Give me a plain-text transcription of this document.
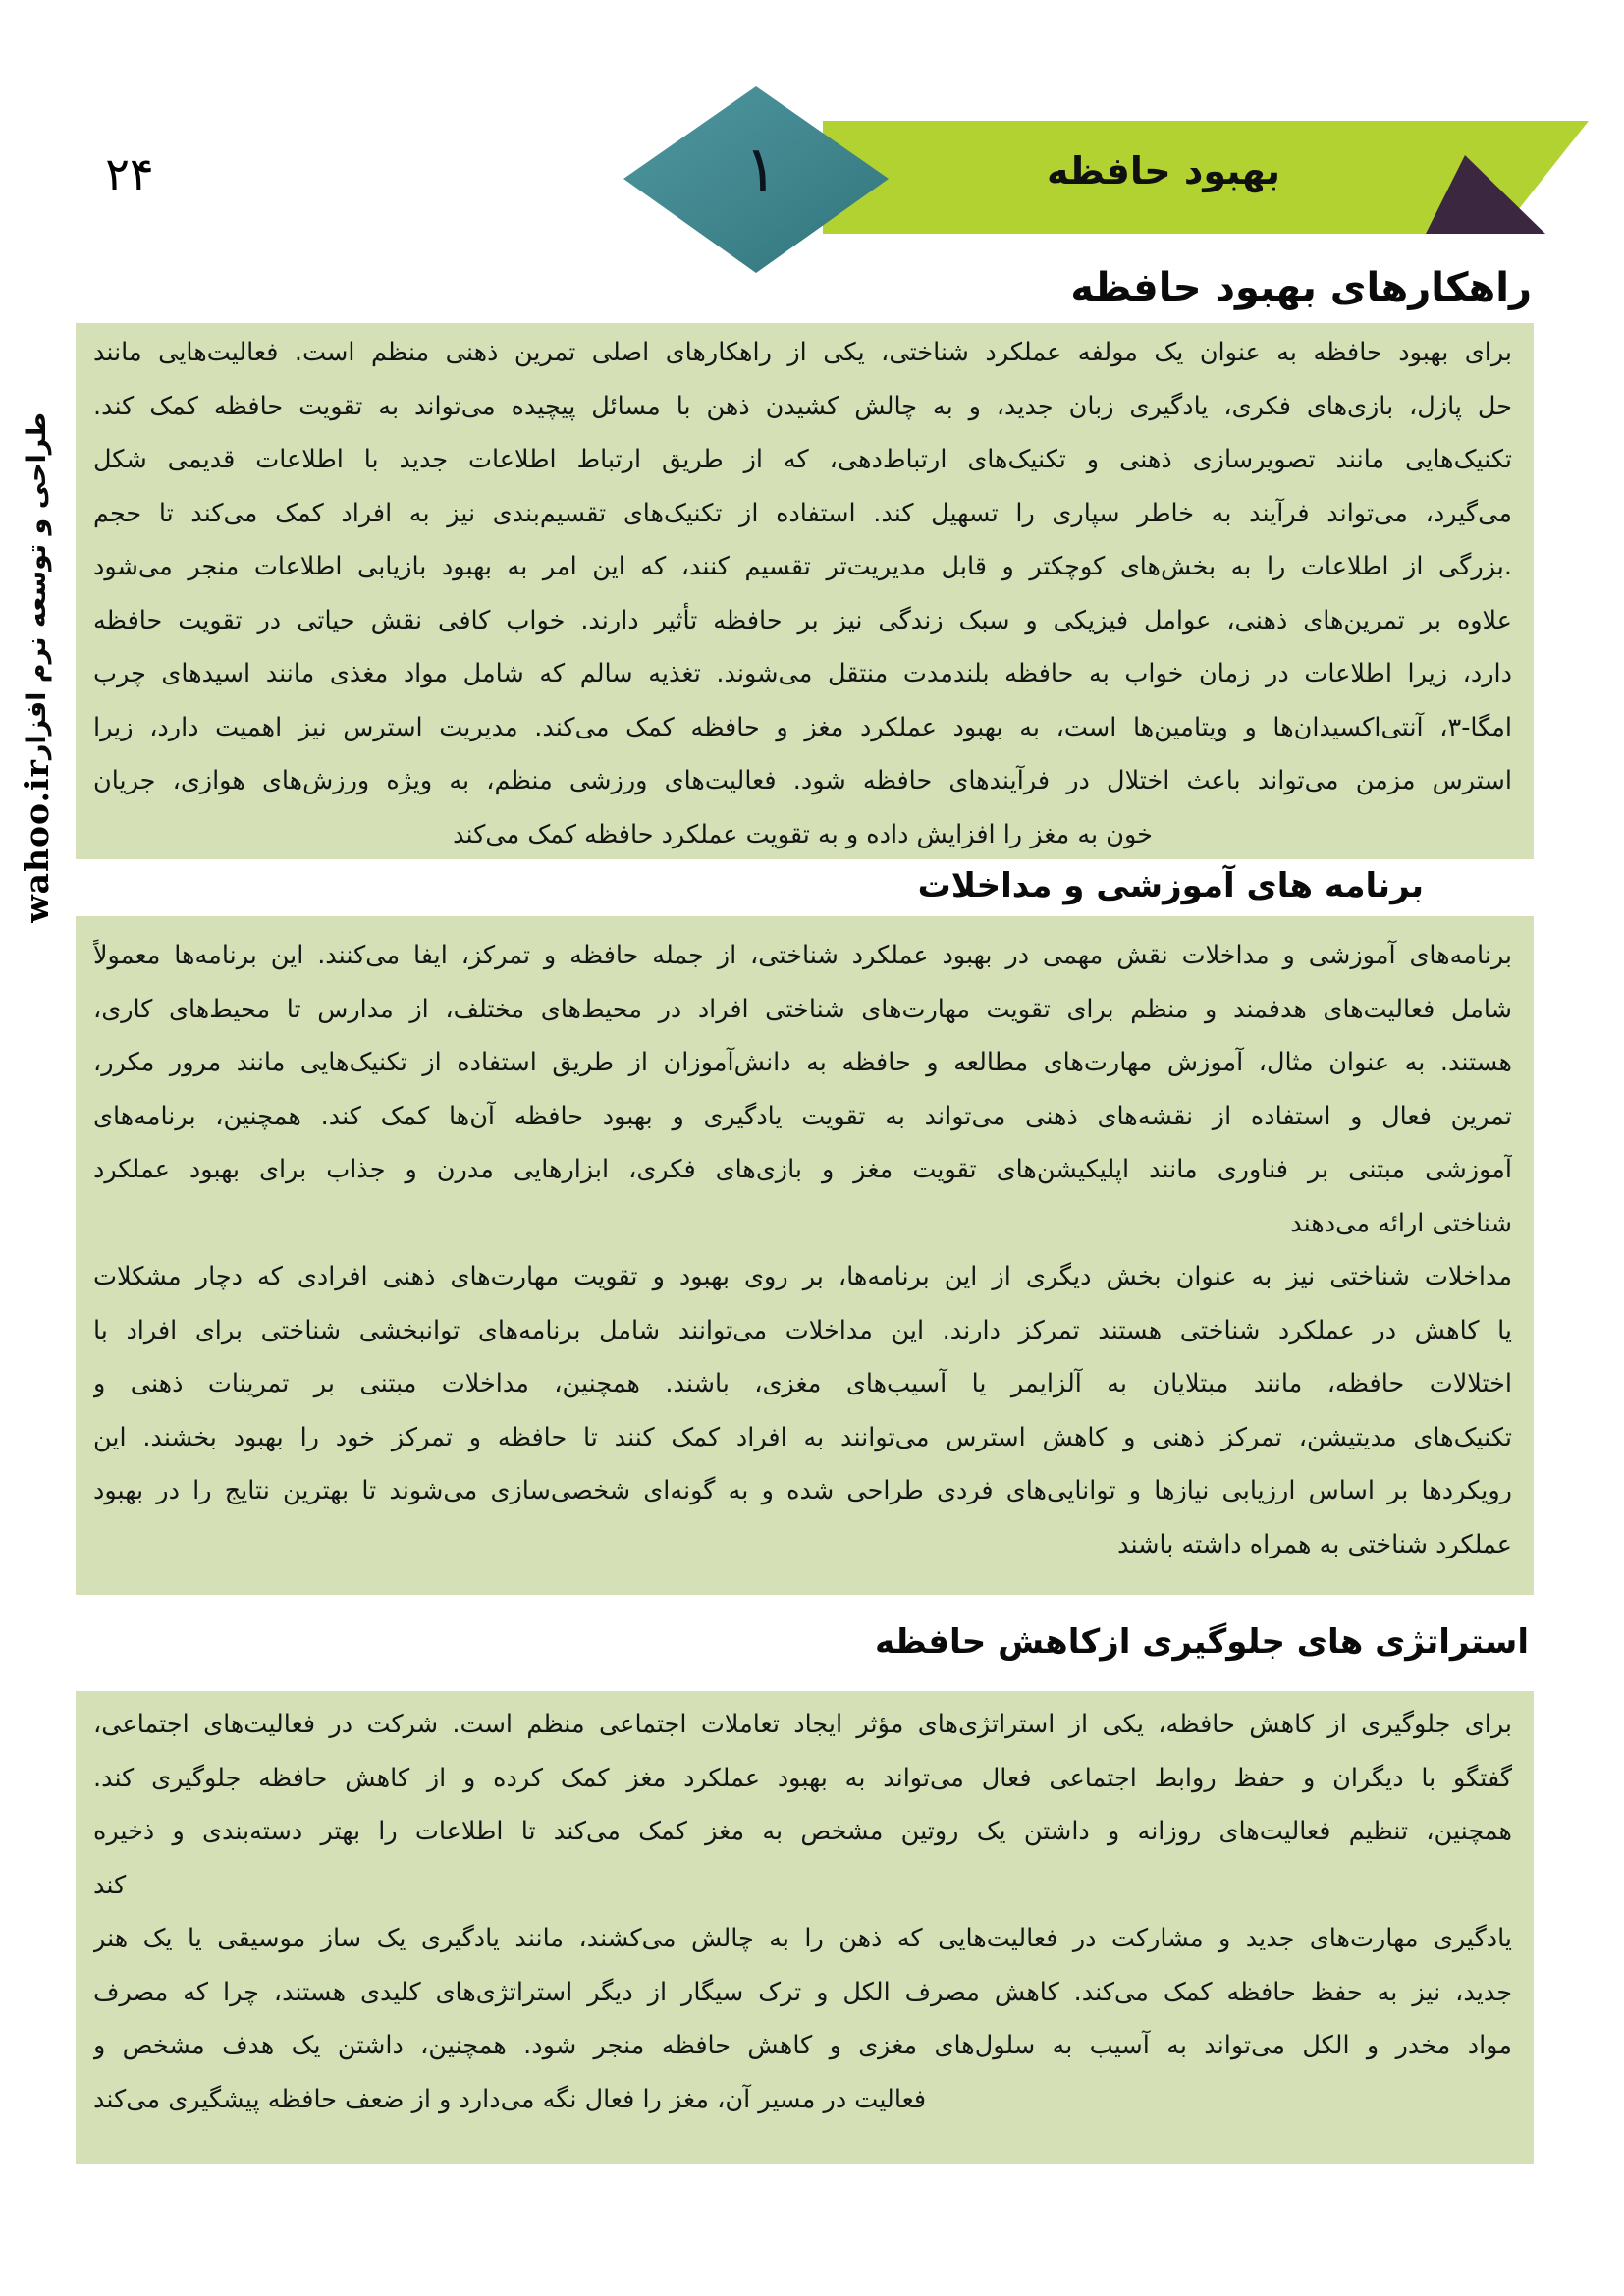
١	بهبود حافظه
۲۴
طراحی و توسعه نرم افزار
wahoo.ir
راهکارهای بهبود حافظه
برای بهبود حافظه به عنوان یک مولفه عملکرد شناختی، یکی از راهکارهای اصلی تمرین ذهنی منظم است. فعالیت‌هایی مانند
حل پازل، بازی‌های فکری، یادگیری زبان جدید، و به چالش کشیدن ذهن با مسائل پیچیده می‌تواند به تقویت حافظه کمک کند.
تکنیک‌هایی مانند تصویرسازی ذهنی و تکنیک‌های ارتباط‌دهی، که از طریق ارتباط اطلاعات جدید با اطلاعات قدیمی شکل
می‌گیرد، می‌تواند فرآیند به خاطر سپاری را تسهیل کند. استفاده از تکنیک‌های تقسیم‌بندی نیز به افراد کمک می‌کند تا حجم
.بزرگی از اطلاعات را به بخش‌های کوچکتر و قابل مدیریت‌تر تقسیم کنند، که این امر به بهبود بازیابی اطلاعات منجر می‌شود
علاوه بر تمرین‌های ذهنی، عوامل فیزیکی و سبک زندگی نیز بر حافظه تأثیر دارند. خواب کافی نقش حیاتی در تقویت حافظه
دارد، زیرا اطلاعات در زمان خواب به حافظه بلندمدت منتقل می‌شوند. تغذیه سالم که شامل مواد مغذی مانند اسیدهای چرب
امگا-۳، آنتی‌اکسیدان‌ها و ویتامین‌ها است، به بهبود عملکرد مغز و حافظه کمک می‌کند. مدیریت استرس نیز اهمیت دارد، زیرا
استرس مزمن می‌تواند باعث اختلال در فرآیندهای حافظه شود. فعالیت‌های ورزشی منظم، به ویژه ورزش‌های هوازی، جریان
خون به مغز را افزایش داده و به تقویت عملکرد حافظه کمک می‌کند
برنامه های آموزشی و مداخلات
برنامه‌های آموزشی و مداخلات نقش مهمی در بهبود عملکرد شناختی، از جمله حافظه و تمرکز، ایفا می‌کنند. این برنامه‌ها معمولاً
شامل فعالیت‌های هدفمند و منظم برای تقویت مهارت‌های شناختی افراد در محیط‌های مختلف، از مدارس تا محیط‌های کاری،
هستند. به عنوان مثال، آموزش مهارت‌های مطالعه و حافظه به دانش‌آموزان از طریق استفاده از تکنیک‌هایی مانند مرور مکرر،
تمرین فعال و استفاده از نقشه‌های ذهنی می‌تواند به تقویت یادگیری و بهبود حافظه آن‌ها کمک کند. همچنین، برنامه‌های
آموزشی مبتنی بر فناوری مانند اپلیکیشن‌های تقویت مغز و بازی‌های فکری، ابزارهایی مدرن و جذاب برای بهبود عملکرد
شناختی ارائه می‌دهند
مداخلات شناختی نیز به عنوان بخش دیگری از این برنامه‌ها، بر روی بهبود و تقویت مهارت‌های ذهنی افرادی که دچار مشکلات
یا کاهش در عملکرد شناختی هستند تمرکز دارند. این مداخلات می‌توانند شامل برنامه‌های توانبخشی شناختی برای افراد با
اختلالات حافظه، مانند مبتلایان به آلزایمر یا آسیب‌های مغزی، باشند. همچنین، مداخلات مبتنی بر تمرینات ذهنی و
تکنیک‌های مدیتیشن، تمرکز ذهنی و کاهش استرس می‌توانند به افراد کمک کنند تا حافظه و تمرکز خود را بهبود بخشند. این
رویکردها بر اساس ارزیابی نیازها و توانایی‌های فردی طراحی شده و به گونه‌ای شخصی‌سازی می‌شوند تا بهترین نتایج را در بهبود
عملکرد شناختی به همراه داشته باشند
استراتژی های جلوگیری ازکاهش حافظه
برای جلوگیری از کاهش حافظه، یکی از استراتژی‌های مؤثر ایجاد تعاملات اجتماعی منظم است. شرکت در فعالیت‌های اجتماعی،
گفتگو با دیگران و حفظ روابط اجتماعی فعال می‌تواند به بهبود عملکرد مغز کمک کرده و از کاهش حافظه جلوگیری کند.
همچنین، تنظیم فعالیت‌های روزانه و داشتن یک روتین مشخص به مغز کمک می‌کند تا اطلاعات را بهتر دسته‌بندی و ذخیره
کند
یادگیری مهارت‌های جدید و مشارکت در فعالیت‌هایی که ذهن را به چالش می‌کشند، مانند یادگیری یک ساز موسیقی یا یک هنر
جدید، نیز به حفظ حافظه کمک می‌کند. کاهش مصرف الکل و ترک سیگار از دیگر استراتژی‌های کلیدی هستند، چرا که مصرف
مواد مخدر و الکل می‌تواند به آسیب به سلول‌های مغزی و کاهش حافظه منجر شود. همچنین، داشتن یک هدف مشخص و
فعالیت در مسیر آن، مغز را فعال نگه می‌دارد و از ضعف حافظه پیشگیری می‌کند
